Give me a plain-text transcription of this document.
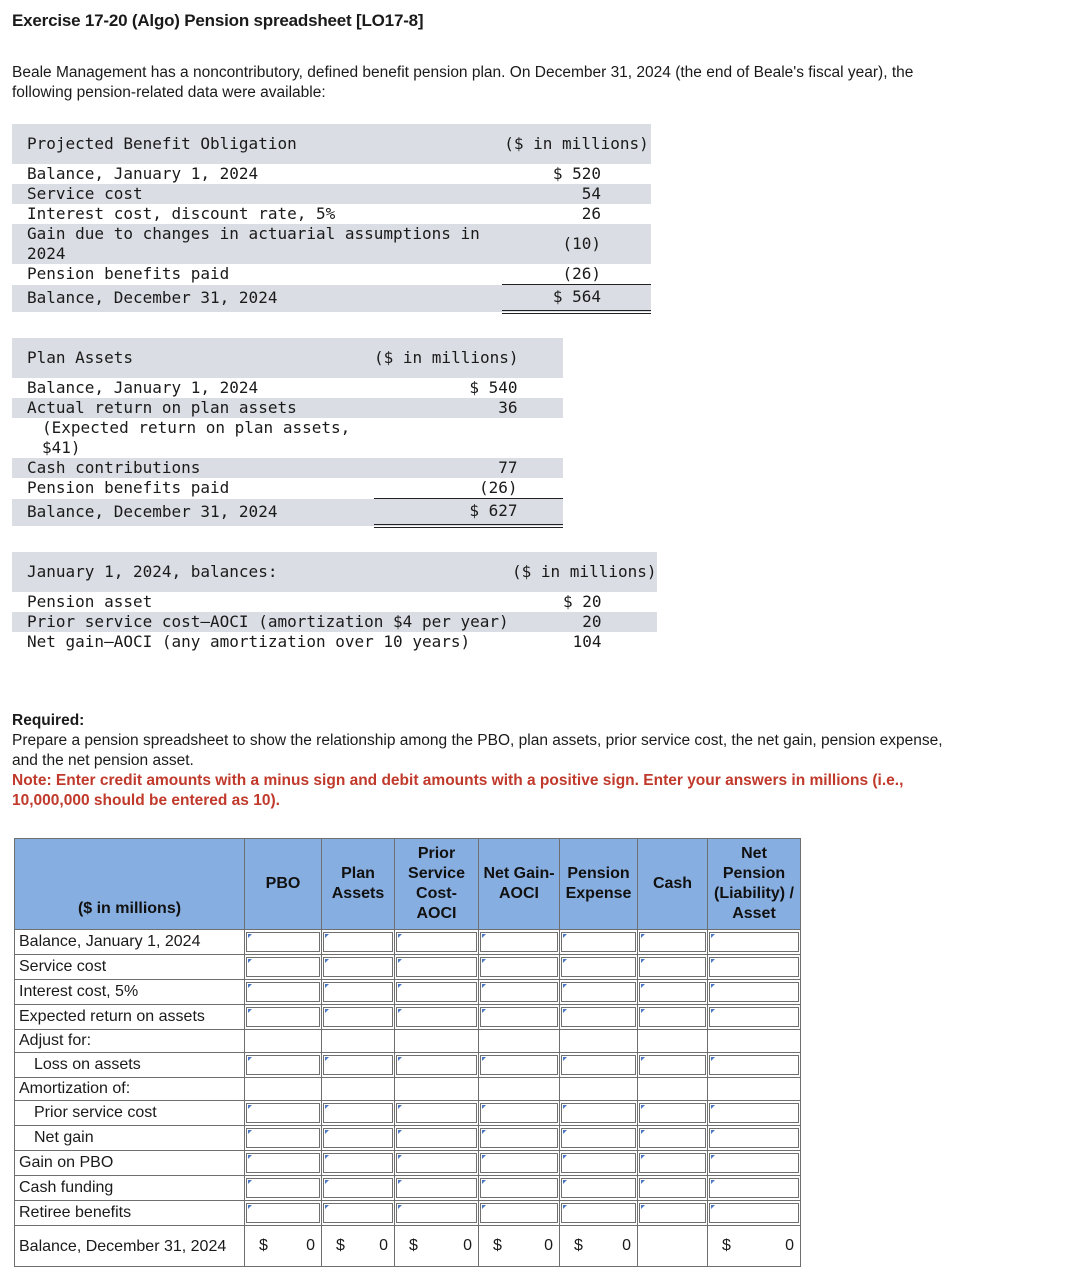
Exercise 17-20 (Algo) Pension spreadsheet [LO17-8]
Beale Management has a noncontributory, defined benefit pension plan. On December 31, 2024 (the end of Beale's fiscal year), the following pension-related data were available:
Projected Benefit Obligation	($ in millions)
Balance, January 1, 2024	$ 520
Service cost	54
Interest cost, discount rate, 5%	26
Gain due to changes in actuarial assumptions in 2024	(10)
Pension benefits paid	(26)
Balance, December 31, 2024	$ 564
Plan Assets	($ in millions)
Balance, January 1, 2024	$ 540
Actual return on plan assets	36
(Expected return on plan assets, $41)	
Cash contributions	77
Pension benefits paid	(26)
Balance, December 31, 2024	$ 627
January 1, 2024, balances:	($ in millions)
Pension asset	$ 20
Prior service cost—AOCI (amortization $4 per year)	20
Net gain—AOCI (any amortization over 10 years)	104
Required:
Prepare a pension spreadsheet to show the relationship among the PBO, plan assets, prior service cost, the net gain, pension expense, and the net pension asset.
Note: Enter credit amounts with a minus sign and debit amounts with a positive sign. Enter your answers in millions (i.e., 10,000,000 should be entered as 10).
($ in millions)	PBO	Plan Assets	Prior Service Cost-AOCI	Net Gain-AOCI	Pension Expense	Cash	Net Pension (Liability) / Asset
Balance, January 1, 2024	

Service cost	

Interest cost, 5%	

Expected return on assets	

Adjust for:							
Loss on assets	

Amortization of:							
Prior service cost	

Net gain	

Gain on PBO	

Cash funding	

Retiree benefits	

Balance, December 31, 2024	$ 0	$ 0	$ 0	$ 0	$ 0		$ 0
